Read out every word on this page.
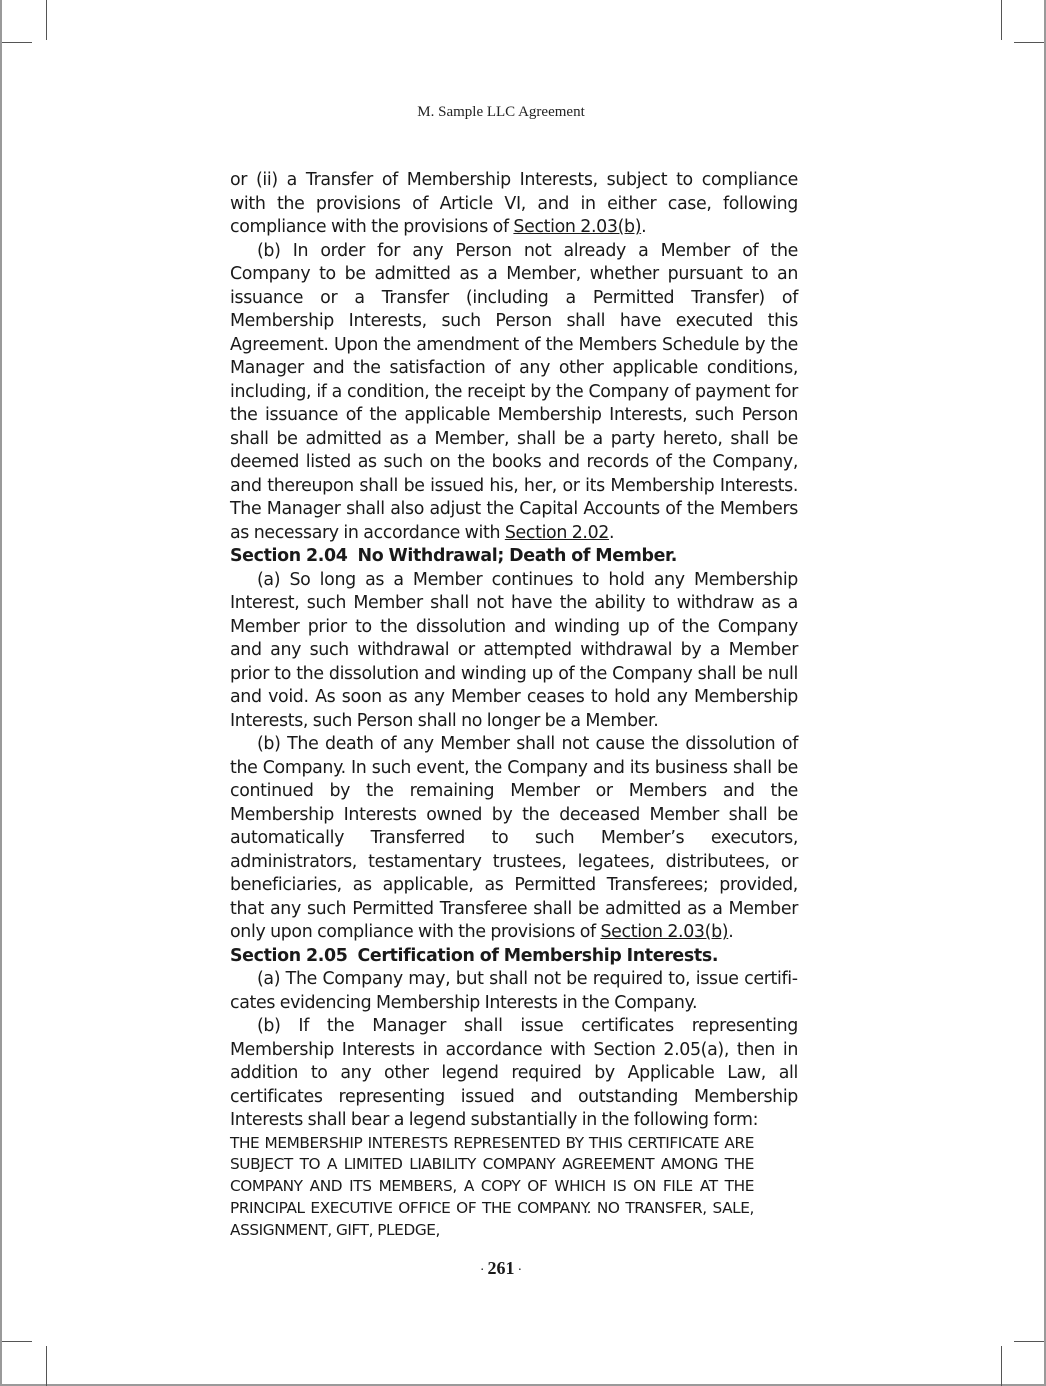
M. Sample LLC Agreement

or (ii) a Transfer of Membership Interests, subject to compliance with the provisions of Article VI, and in either case, following compliance with the provisions of Section 2.03(b).

(b) In order for any Person not already a Member of the Company to be admitted as a Member, whether pursuant to an issuance or a Transfer (including a Permitted Transfer) of Membership Interests, such Person shall have executed this Agreement. Upon the amendment of the Members Schedule by the Manager and the satisfaction of any other applicable conditions, including, if a condition, the receipt by the Company of payment for the issuance of the applicable Membership Interests, such Person shall be admitted as a Member, shall be a party hereto, shall be deemed listed as such on the books and records of the Company, and thereupon shall be issued his, her, or its Membership Interests. The Manager shall also adjust the Capital Accounts of the Members as necessary in accordance with Section 2.02.

Section 2.04 No Withdrawal; Death of Member.

(a) So long as a Member continues to hold any Membership Interest, such Member shall not have the ability to withdraw as a Member prior to the dissolution and winding up of the Company and any such withdrawal or attempted withdrawal by a Member prior to the dissolution and winding up of the Company shall be null and void. As soon as any Member ceases to hold any Membership Interests, such Person shall no longer be a Member.

(b) The death of any Member shall not cause the dissolution of the Company. In such event, the Company and its business shall be continued by the remaining Member or Members and the Membership Interests owned by the deceased Member shall be automatically Transferred to such Member’s executors, administrators, testamentary trustees, legatees, distributees, or beneficiaries, as applicable, as Permitted Transferees; provided, that any such Permitted Transferee shall be admitted as a Member only upon compliance with the provisions of Section 2.03(b).

Section 2.05 Certification of Membership Interests.

(a) The Company may, but shall not be required to, issue certificates evidencing Membership Interests in the Company.

(b) If the Manager shall issue certificates representing Membership Interests in accordance with Section 2.05(a), then in addition to any other legend required by Applicable Law, all certificates representing issued and outstanding Membership Interests shall bear a legend substantially in the following form:

THE MEMBERSHIP INTERESTS REPRESENTED BY THIS CERTIFICATE ARE SUBJECT TO A LIMITED LIABILITY COMPANY AGREEMENT AMONG THE COMPANY AND ITS MEMBERS, A COPY OF WHICH IS ON FILE AT THE PRINCIPAL EXECUTIVE OFFICE OF THE COMPANY. NO TRANSFER, SALE, ASSIGNMENT, GIFT, PLEDGE,

· 261 ·
